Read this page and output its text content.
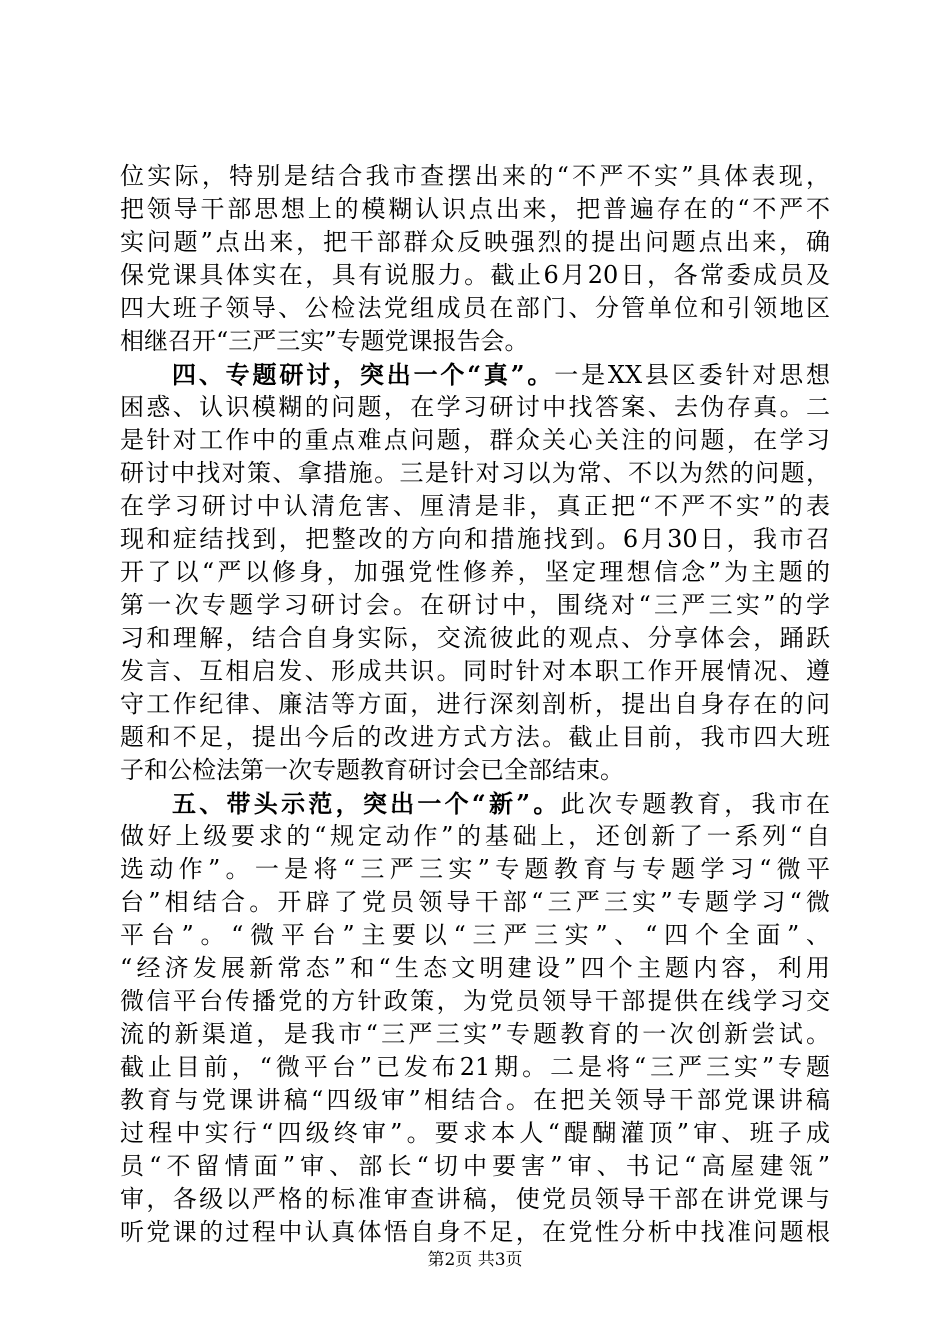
位实际，特别是结合我市查摆出来的“不严不实”具体表现，
把领导干部思想上的模糊认识点出来，把普遍存在的“不严不
实问题”点出来，把干部群众反映强烈的提出问题点出来，确
保党课具体实在，具有说服力。截止6月20日，各常委成员及
四大班子领导、公检法党组成员在部门、分管单位和引领地区
相继召开“三严三实”专题党课报告会。
四、专题研讨，突出一个“真”。一是XX县区委针对思想
困惑、认识模糊的问题，在学习研讨中找答案、去伪存真。二
是针对工作中的重点难点问题，群众关心关注的问题，在学习
研讨中找对策、拿措施。三是针对习以为常、不以为然的问题，
在学习研讨中认清危害、厘清是非，真正把“不严不实”的表
现和症结找到，把整改的方向和措施找到。6月30日，我市召
开了以“严以修身，加强党性修养，坚定理想信念”为主题的
第一次专题学习研讨会。在研讨中，围绕对“三严三实”的学
习和理解，结合自身实际，交流彼此的观点、分享体会，踊跃
发言、互相启发、形成共识。同时针对本职工作开展情况、遵
守工作纪律、廉洁等方面，进行深刻剖析，提出自身存在的问
题和不足，提出今后的改进方式方法。截止目前，我市四大班
子和公检法第一次专题教育研讨会已全部结束。
五、带头示范，突出一个“新”。此次专题教育，我市在
做好上级要求的“规定动作”的基础上，还创新了一系列“自
选动作”。一是将“三严三实”专题教育与专题学习“微平
台”相结合。开辟了党员领导干部“三严三实”专题学习“微
平台”。“微平台”主要以“三严三实”、“四个全面”、
“经济发展新常态”和“生态文明建设”四个主题内容，利用
微信平台传播党的方针政策，为党员领导干部提供在线学习交
流的新渠道，是我市“三严三实”专题教育的一次创新尝试。
截止目前，“微平台”已发布21期。二是将“三严三实”专题
教育与党课讲稿“四级审”相结合。在把关领导干部党课讲稿
过程中实行“四级终审”。要求本人“醍醐灌顶”审、班子成
员“不留情面”审、部长“切中要害”审、书记“高屋建瓴”
审，各级以严格的标准审查讲稿，使党员领导干部在讲党课与
听党课的过程中认真体悟自身不足，在党性分析中找准问题根
第2页 共3页
